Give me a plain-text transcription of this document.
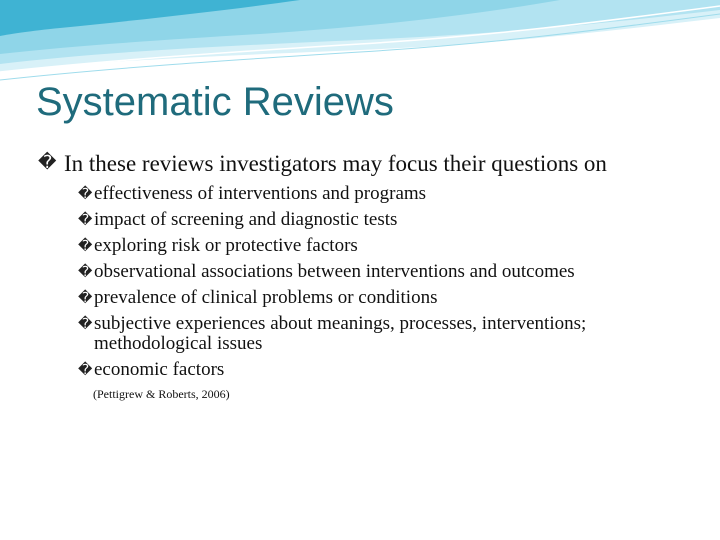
Systematic Reviews
� In these reviews investigators may focus their questions on
� effectiveness of interventions and programs
� impact of screening and diagnostic tests
� exploring risk or protective factors
� observational associations between interventions and outcomes
� prevalence of clinical problems or conditions
� subjective experiences about meanings, processes, interventions; methodological issues
� economic factors
(Pettigrew & Roberts, 2006)
